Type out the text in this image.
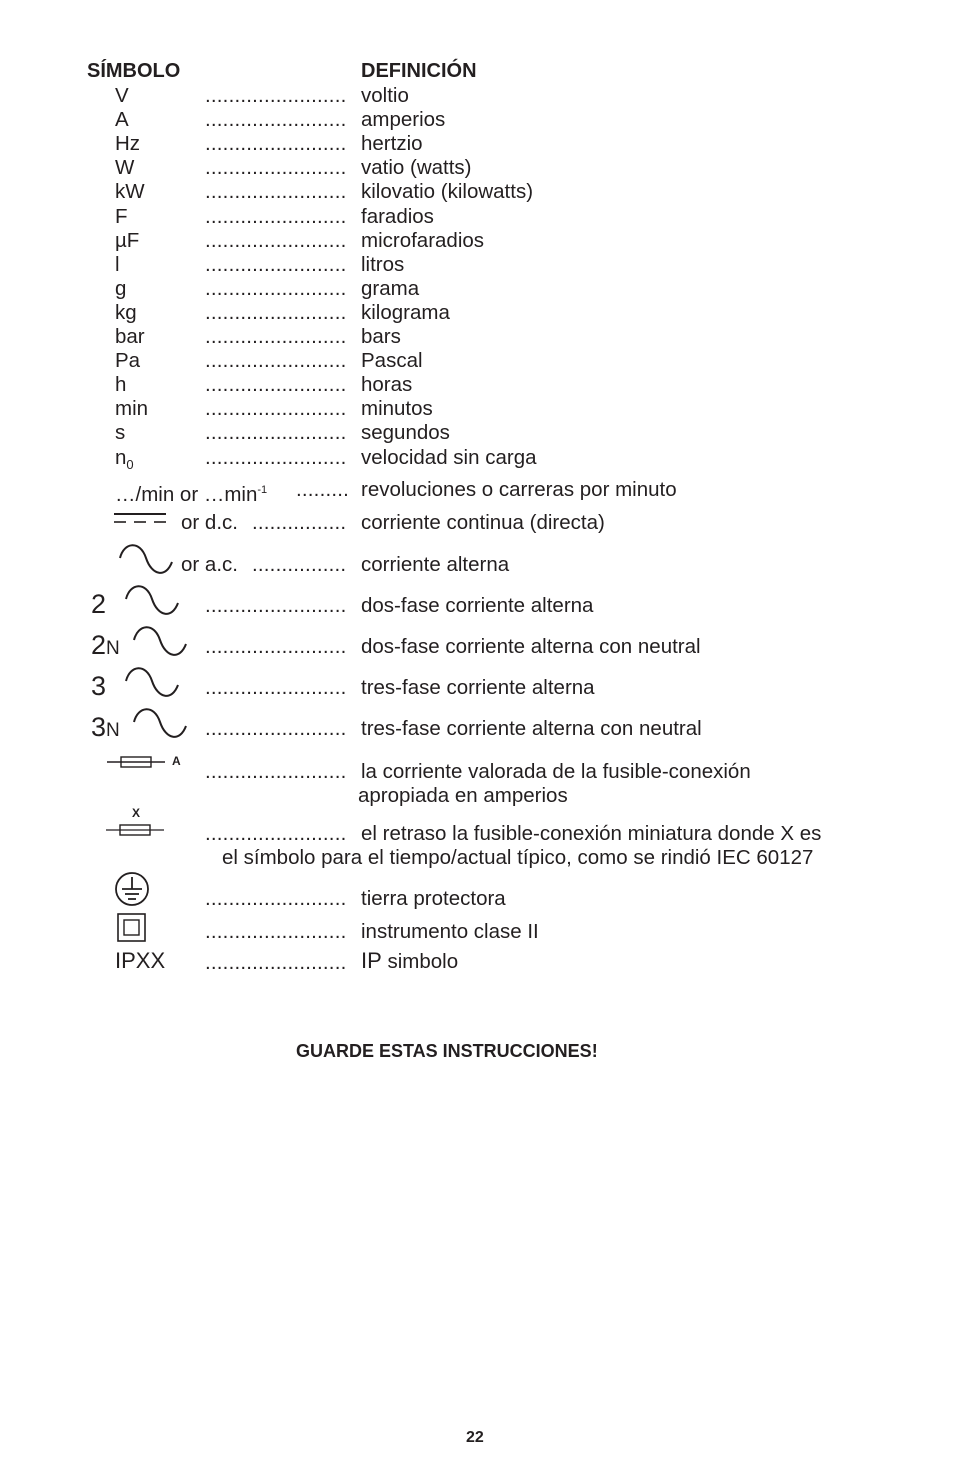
SÍMBOLO	DEFINICIÓN
V	........................ voltio
A	........................ amperios
Hz	........................ hertzio
W	........................ vatio (watts)
kW	........................ kilovatio (kilowatts)
F	........................ faradios
µF	........................ microfaradios
l	........................ litros
g	........................ grama
kg	........................ kilograma
bar	........................ bars
Pa	........................ Pascal
h	........................ horas
min	........................ minutos
s	........................ segundos
$n_0$	........................ velocidad sin carga
…/min or $\dots\min^{-1}$ ......... revoluciones o carreras por minuto
or d.c. ................ corriente continua (directa)
or a.c. ................ corriente alterna
2	........................ dos-fase corriente alterna
2N	........................ dos-fase corriente alterna con neutral
3	........................ tres-fase corriente alterna
3N	........................ tres-fase corriente alterna con neutral
A ........................ la corriente valorada de la fusible-conexión
apropiada en amperios
X
........................ el retraso la fusible-conexión miniatura donde X es
el símbolo para el tiempo/actual típico, como se rindió IEC 60127
........................ tierra protectora
........................ instrumento clase II
IPXX ........................ IP simbolo
GUARDE ESTAS INSTRUCCIONES!
22
